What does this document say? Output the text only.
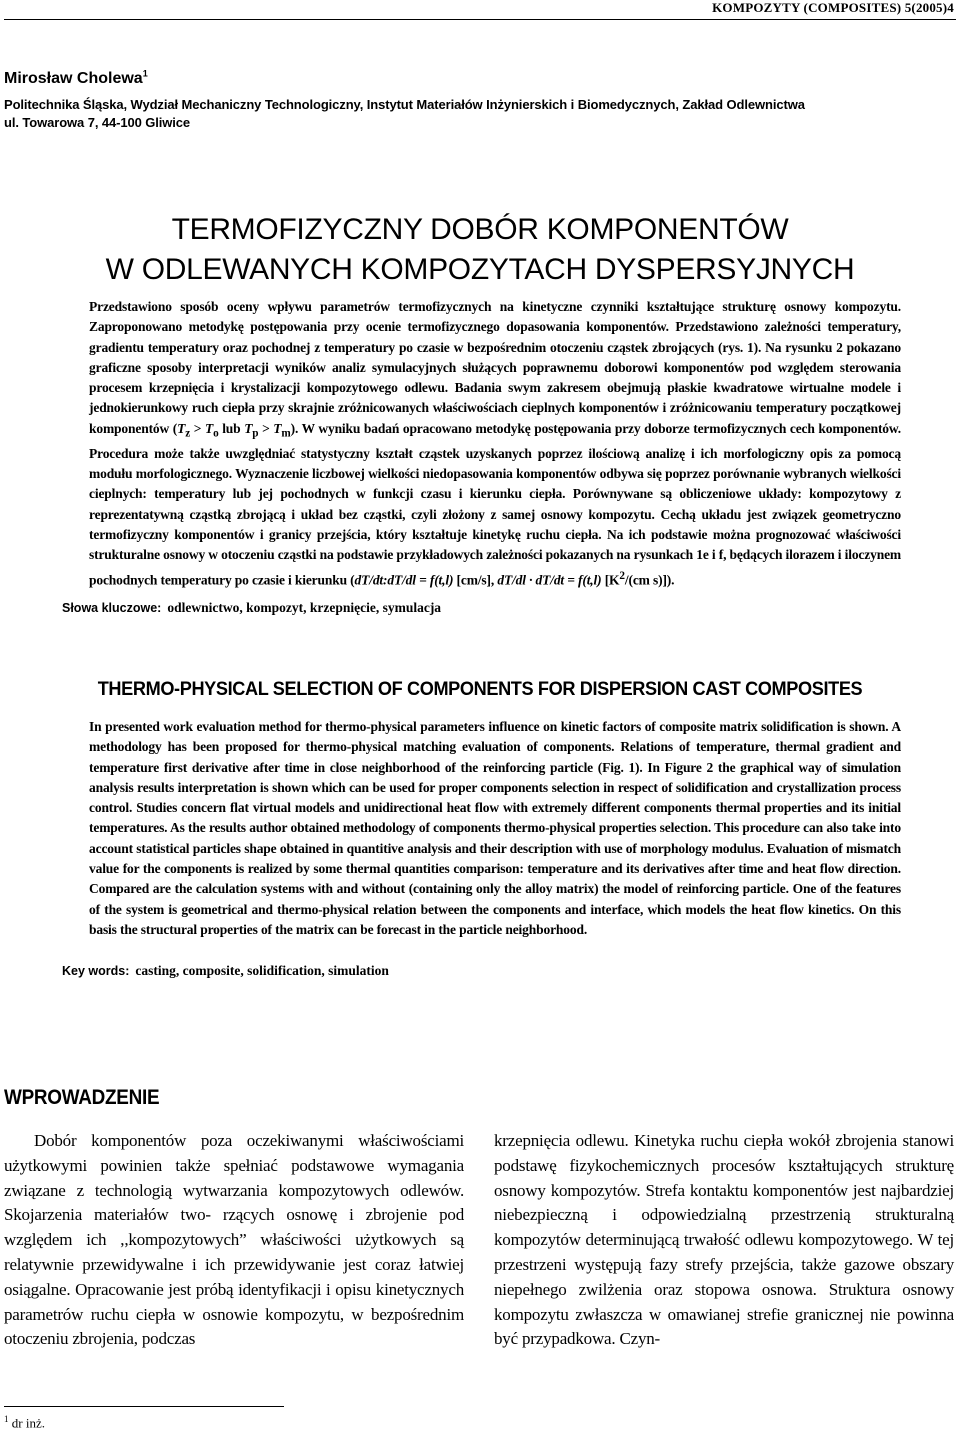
KOMPOZYTY (COMPOSITES) 5(2005)4
Mirosław Cholewa$^1$
Politechnika Śląska, Wydział Mechaniczny Technologiczny, Instytut Materiałów Inżynierskich i Biomedycznych, Zakład Odlewnictwa
ul. Towarowa 7, 44-100 Gliwice
TERMOFIZYCZNY DOBÓR KOMPONENTÓW
W ODLEWANYCH KOMPOZYTACH DYSPERSYJNYCH
Przedstawiono sposób oceny wpływu parametrów termofizycznych na kinetyczne czynniki kształtujące strukturę osnowy kompozytu. Zaproponowano metodykę postępowania przy ocenie termofizycznego dopasowania komponentów. Przedstawiono zależności temperatury, gradientu temperatury oraz pochodnej z temperatury po czasie w bezpośrednim otoczeniu cząstek zbrojących (rys. 1). Na rysunku 2 pokazano graficzne sposoby interpretacji wyników analiz symulacyjnych służących poprawnemu doborowi komponentów pod względem sterowania procesem krzepnięcia i krystalizacji kompozytowego odlewu. Badania swym zakresem obejmują płaskie kwadratowe wirtualne modele i jednokierunkowy ruch ciepła przy skrajnie zróżnicowanych właściwościach cieplnych komponentów i zróżnicowaniu temperatury początkowej komponentów ($T_z > T_o$ lub $T_p > T_m$). W wyniku badań opracowano metodykę postępowania przy doborze termofizycznych cech komponentów. Procedura może także uwzględniać statystyczny kształt cząstek uzyskanych poprzez ilościową analizę i ich morfologiczny opis za pomocą modułu morfologicznego. Wyznaczenie liczbowej wielkości niedopasowania komponentów odbywa się poprzez porównanie wybranych wielkości cieplnych: temperatury lub jej pochodnych w funkcji czasu i kierunku ciepła. Porównywane są obliczeniowe układy: kompozytowy z reprezentatywną cząstką zbrojącą i układ bez cząstki, czyli złożony z samej osnowy kompozytu. Cechą układu jest związek geometryczno termofizyczny komponentów i granicy przejścia, który kształtuje kinetykę ruchu ciepła. Na ich podstawie można prognozować właściwości strukturalne osnowy w otoczeniu cząstki na podstawie przykładowych zależności pokazanych na rysunkach 1e i f, będących ilorazem i iloczynem pochodnych temperatury po czasie i kierunku (dT/dt:dT/dl = f(t,l) [cm/s], dT/dl · dT/dt = f(t,l) [$K^2/(cm$ s)]).
Słowa kluczowe: odlewnictwo, kompozyt, krzepnięcie, symulacja
THERMO-PHYSICAL SELECTION OF COMPONENTS FOR DISPERSION CAST COMPOSITES
In presented work evaluation method for thermo-physical parameters influence on kinetic factors of composite matrix solidification is shown. A methodology has been proposed for thermo-physical matching evaluation of components. Relations of temperature, thermal gradient and temperature first derivative after time in close neighborhood of the reinforcing particle (Fig. 1). In Figure 2 the graphical way of simulation analysis results interpretation is shown which can be used for proper components selection in respect of solidification and crystallization process control. Studies concern flat virtual models and unidirectional heat flow with extremely different components thermal properties and its initial temperatures. As the results author obtained methodology of components thermo-physical properties selection. This procedure can also take into account statistical particles shape obtained in quantitive analysis and their description with use of morphology modulus. Evaluation of mismatch value for the components is realized by some thermal quantities comparison: temperature and its derivatives after time and heat flow direction. Compared are the calculation systems with and without (containing only the alloy matrix) the model of reinforcing particle. One of the features of the system is geometrical and thermo-physical relation between the components and interface, which models the heat flow kinetics. On this basis the structural properties of the matrix can be forecast in the particle neighborhood.
Key words: casting, composite, solidification, simulation
WPROWADZENIE
Dobór komponentów poza oczekiwanymi właściwościami użytkowymi powinien także spełniać podstawowe wymagania związane z technologią wytwarzania kompozytowych odlewów. Skojarzenia materiałów two- rzących osnowę i zbrojenie pod względem ich ,,kompozytowych” właściwości użytkowych są relatywnie przewidywalne i ich przewidywanie jest coraz łatwiej osiągalne. Opracowanie jest próbą identyfikacji i opisu kinetycznych parametrów ruchu ciepła w osnowie kompozytu, w bezpośrednim otoczeniu zbrojenia, podczas
krzepnięcia odlewu. Kinetyka ruchu ciepła wokół zbrojenia stanowi podstawę fizykochemicznych procesów kształtujących strukturę osnowy kompozytów. Strefa kontaktu komponentów jest najbardziej niebezpieczną i odpowiedzialną przestrzenią strukturalną kompozytów determinującą trwałość odlewu kompozytowego. W tej przestrzeni występują fazy strefy przejścia, także gazowe obszary niepełnego zwilżenia oraz stopowa osnowa. Struktura osnowy kompozytu zwłaszcza w omawianej strefie granicznej nie powinna być przypadkowa. Czyn-
$^1$ dr inż.
